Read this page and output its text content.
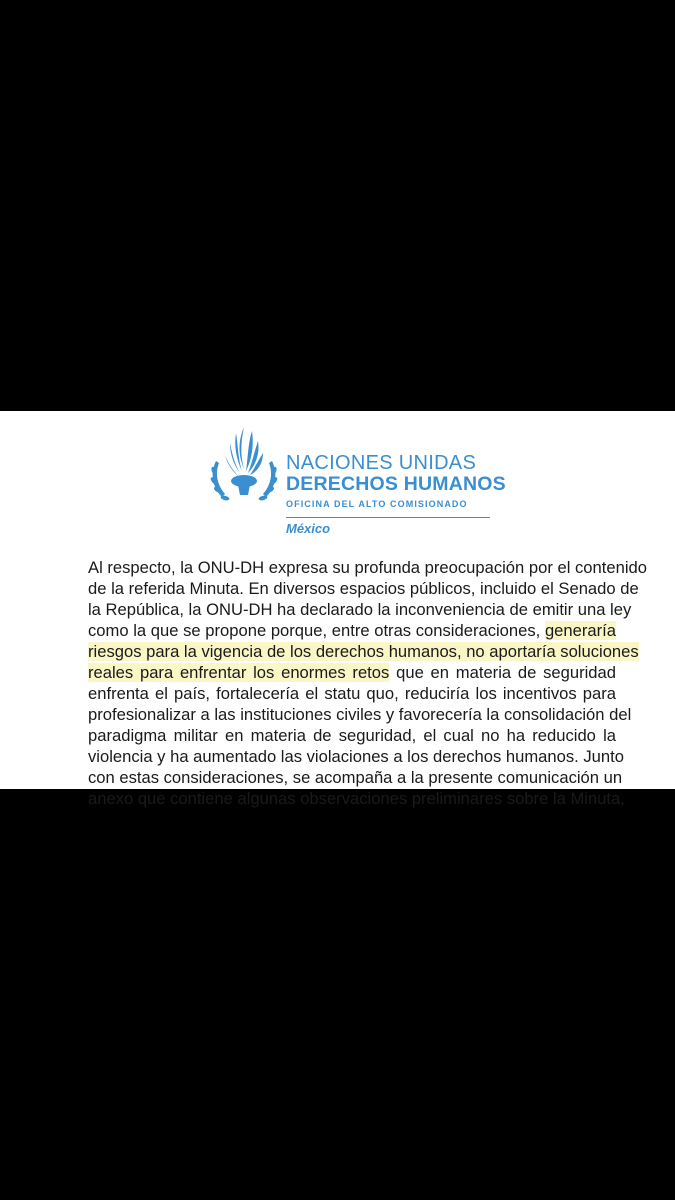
NACIONES UNIDAS
DERECHOS HUMANOS
OFICINA DEL ALTO COMISIONADO
México
Al respecto, la ONU-DH expresa su profunda preocupación por el contenido
de la referida Minuta. En diversos espacios públicos, incluido el Senado de
la República, la ONU-DH ha declarado la inconveniencia de emitir una ley
como la que se propone porque, entre otras consideraciones, generaría
riesgos para la vigencia de los derechos humanos, no aportaría soluciones
reales para enfrentar los enormes retos que en materia de seguridad
enfrenta el país, fortalecería el statu quo, reduciría los incentivos para
profesionalizar a las instituciones civiles y favorecería la consolidación del
paradigma militar en materia de seguridad, el cual no ha reducido la
violencia y ha aumentado las violaciones a los derechos humanos. Junto
con estas consideraciones, se acompaña a la presente comunicación un
anexo que contiene algunas observaciones preliminares sobre la Minuta,
